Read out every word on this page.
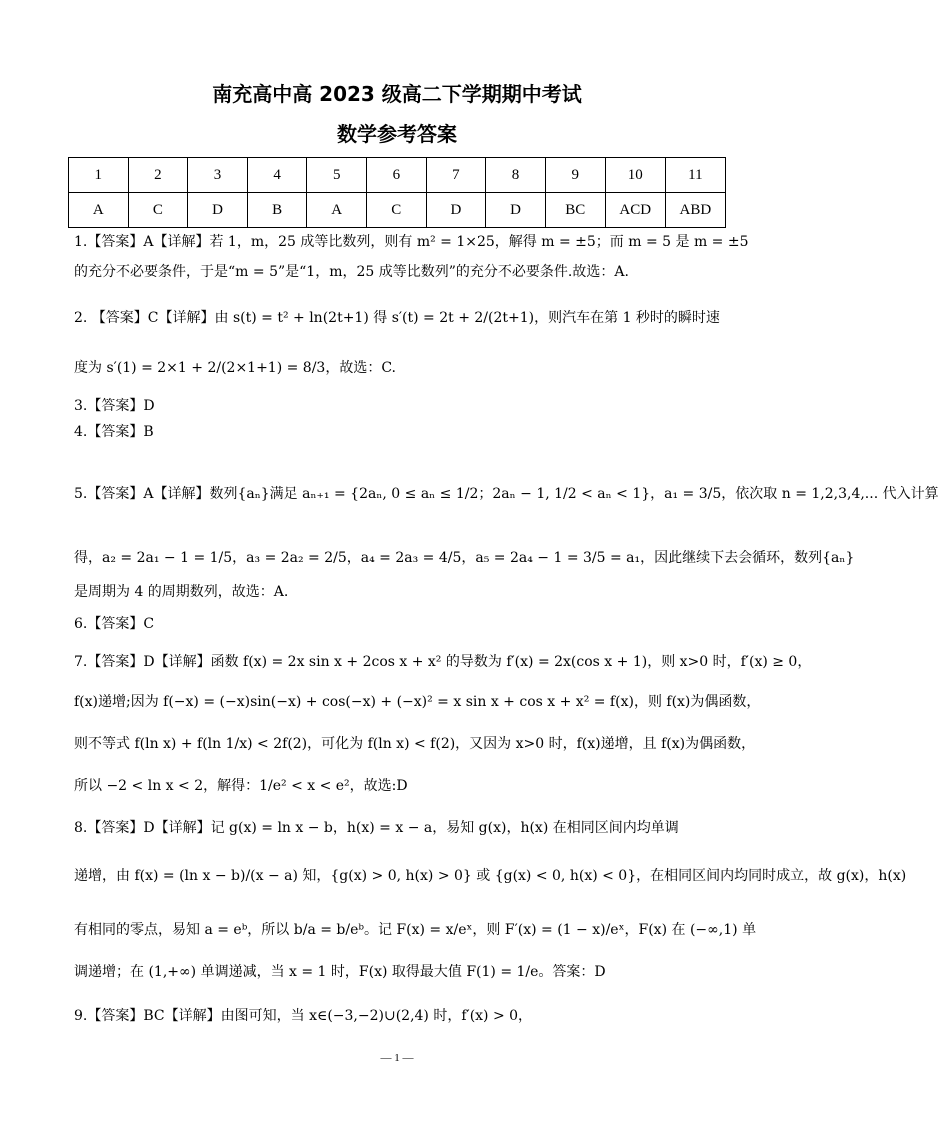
南充高中高 2023 级高二下学期期中考试
数学参考答案
1	2	3	4	5	6	7	8	9	10	11
A	C	D	B	A	C	D	D	BC	ACD	ABD
1.【答案】A【详解】若 1，m，25 成等比数列，则有 m² = 1×25，解得 m = ±5；而 m = 5 是 m = ±5
的充分不必要条件，于是“m = 5”是“1，m，25 成等比数列”的充分不必要条件.故选：A.
2. 【答案】C【详解】由 s(t) = t² + ln(2t+1) 得 s′(t) = 2t + 2/(2t+1)，则汽车在第 1 秒时的瞬时速
度为 s′(1) = 2×1 + 2/(2×1+1) = 8/3，故选：C.
3.【答案】D
4.【答案】B
5.【答案】A【详解】数列{aₙ}满足 aₙ₊₁ = {2aₙ, 0 ≤ aₙ ≤ 1/2；2aₙ − 1, 1/2 < aₙ < 1}，a₁ = 3/5，依次取 n = 1,2,3,4,... 代入计算
得，a₂ = 2a₁ − 1 = 1/5，a₃ = 2a₂ = 2/5，a₄ = 2a₃ = 4/5，a₅ = 2a₄ − 1 = 3/5 = a₁，因此继续下去会循环，数列{aₙ}
是周期为 4 的周期数列，故选：A.
6.【答案】C
7.【答案】D【详解】函数 f(x) = 2x sin x + 2cos x + x² 的导数为 f′(x) = 2x(cos x + 1)，则 x>0 时，f′(x) ≥ 0，
f(x)递增;因为 f(−x) = (−x)sin(−x) + cos(−x) + (−x)² = x sin x + cos x + x² = f(x)，则 f(x)为偶函数，
则不等式 f(ln x) + f(ln 1/x) < 2f(2)，可化为 f(ln x) < f(2)，又因为 x>0 时，f(x)递增，且 f(x)为偶函数，
所以 −2 < ln x < 2，解得：1/e² < x < e²，故选:D
8.【答案】D【详解】记 g(x) = ln x − b，h(x) = x − a，易知 g(x)，h(x) 在相同区间内均单调
递增，由 f(x) = (ln x − b)/(x − a) 知，{g(x) > 0, h(x) > 0} 或 {g(x) < 0, h(x) < 0}，在相同区间内均同时成立，故 g(x)，h(x)
有相同的零点，易知 a = eᵇ，所以 b/a = b/eᵇ。记 F(x) = x/eˣ，则 F′(x) = (1 − x)/eˣ，F(x) 在 (−∞,1) 单
调递增；在 (1,+∞) 单调递减，当 x = 1 时，F(x) 取得最大值 F(1) = 1/e。答案：D
9.【答案】BC【详解】由图可知，当 x∈(−3,−2)∪(2,4) 时，f′(x) > 0，
— 1 —
